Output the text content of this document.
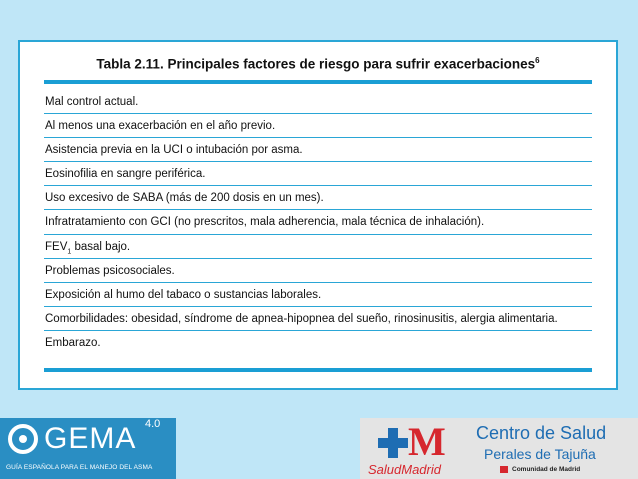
Tabla 2.11. Principales factores de riesgo para sufrir exacerbaciones$^6$
Mal control actual.
Al menos una exacerbación en el año previo.
Asistencia previa en la UCI o intubación por asma.
Eosinofilia en sangre periférica.
Uso excesivo de SABA (más de 200 dosis en un mes).
Infratratamiento con GCI (no prescritos, mala adherencia, mala técnica de inhalación).
$FEV_1$ basal bajo.
Problemas psicosociales.
Exposición al humo del tabaco o sustancias laborales.
Comorbilidades: obesidad, síndrome de apnea-hipopnea del sueño, rinosinusitis, alergia alimentaria.
Embarazo.
GEMA 4.0
GUÍA ESPAÑOLA PARA EL MANEJO DEL ASMA
M
SaludMadrid
Centro de Salud
Perales de Tajuña
Comunidad de Madrid
